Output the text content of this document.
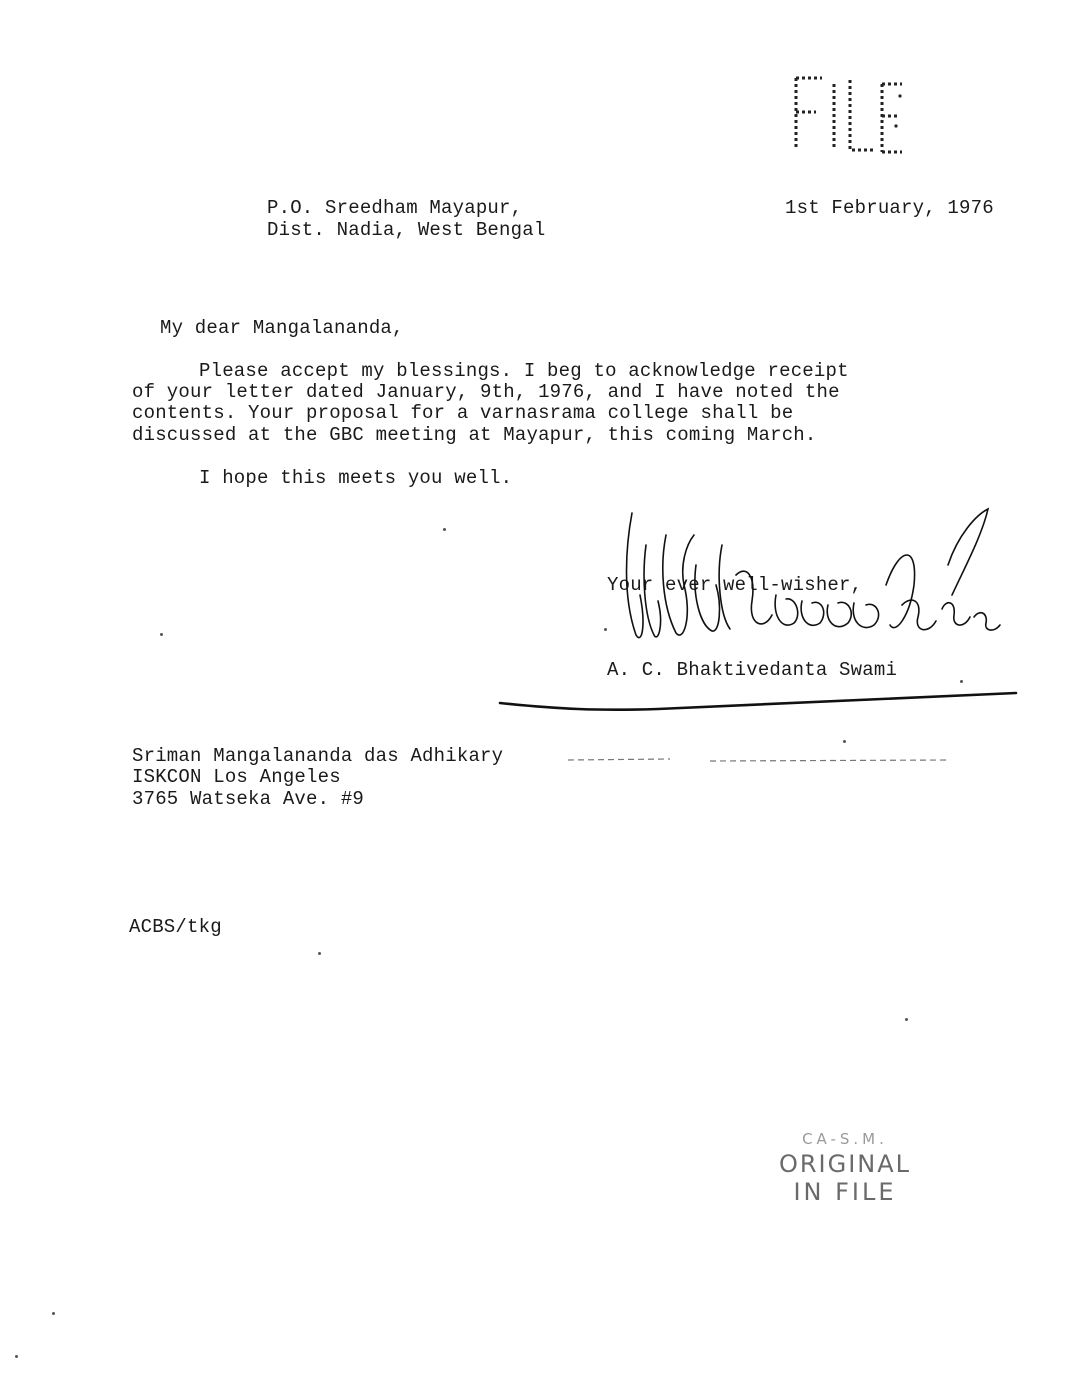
P.O. Sreedham Mayapur,
Dist. Nadia, West Bengal
1st February, 1976
My dear Mangalananda,
Please accept my blessings. I beg to acknowledge receipt
of your letter dated January, 9th, 1976, and I have noted the
contents. Your proposal for a varnasrama college shall be
discussed at the GBC meeting at Mayapur, this coming March.
I hope this meets you well.
Your ever well-wisher,
A. C. Bhaktivedanta Swami
Sriman Mangalananda das Adhikary
ISKCON Los Angeles
3765 Watseka Ave. #9
ACBS/tkg
CA-S.M.
ORIGINAL
IN FILE
